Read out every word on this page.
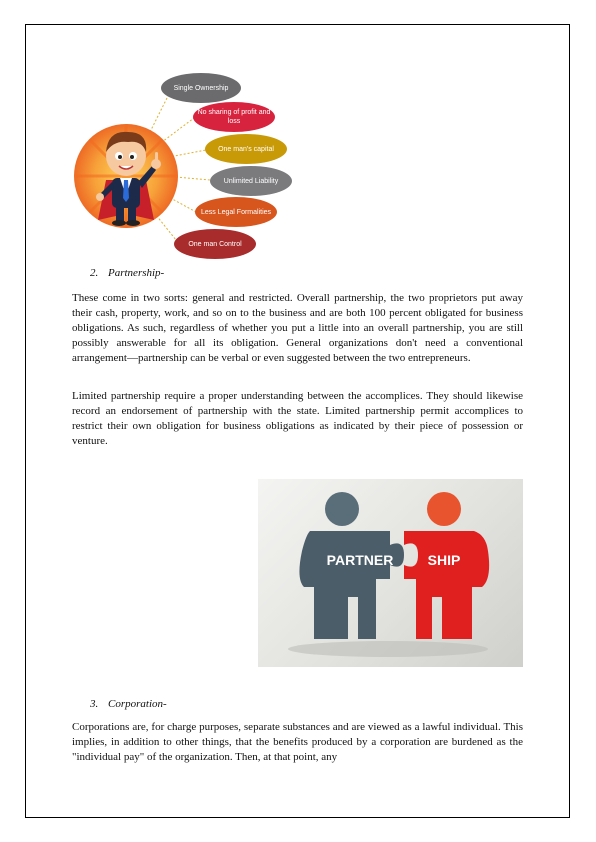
Single Ownership
No sharing of profit and loss
One man's capital
Unlimited Liability
Less Legal Formalities
One man Control
2. Partnership-

These come in two sorts: general and restricted. Overall partnership, the two proprietors put away their cash, property, work, and so on to the business and are both 100 percent obligated for business obligations. As such, regardless of whether you put a little into an overall partnership, you are still possibly answerable for all its obligation. General organizations don't need a conventional arrangement—partnership can be verbal or even suggested between the two entrepreneurs.

Limited partnership require a proper understanding between the accomplices. They should likewise record an endorsement of partnership with the state. Limited partnership permit accomplices to restrict their own obligation for business obligations as indicated by their piece of possession or venture.

PARTNER SHIP
3. Corporation-

Corporations are, for charge purposes, separate substances and are viewed as a lawful individual. This implies, in addition to other things, that the benefits produced by a corporation are burdened as the "individual pay" of the organization. Then, at that point, any
